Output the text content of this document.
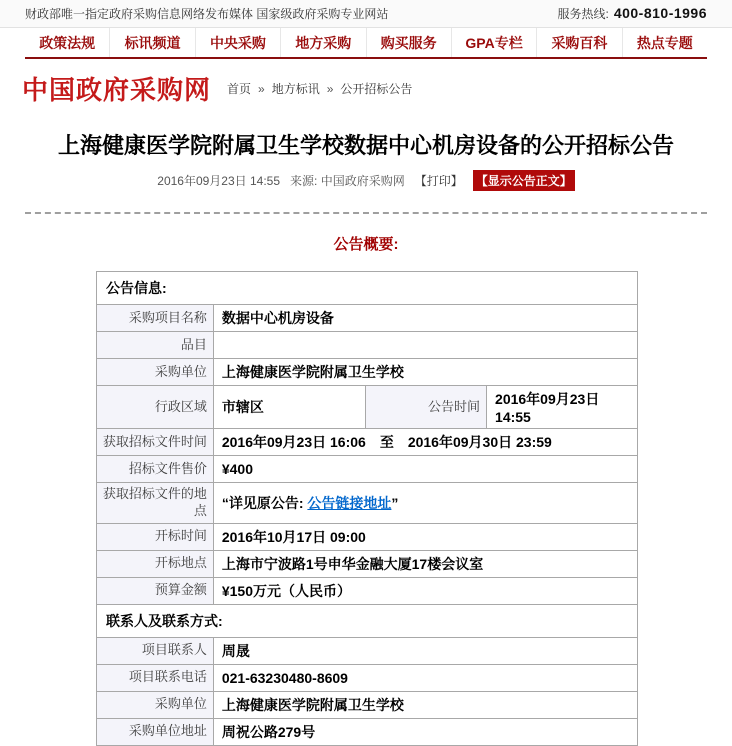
财政部唯一指定政府采购信息网络发布媒体 国家级政府采购专业网站	服务热线: 400-810-1996
政策法规	标讯频道	中央采购	地方采购	购买服务	GPA专栏	采购百科	热点专题
中国政府采购网 首页 » 地方标讯 » 公开招标公告
上海健康医学院附属卫生学校数据中心机房设备的公开招标公告
2016年09月23日 14:55 来源: 中国政府采购网 【打印】 【显示公告正文】
公告概要:
公告信息:			
采购项目名称	数据中心机房设备		
品目			
采购单位	上海健康医学院附属卫生学校		
行政区域	市辖区	公告时间	2016年09月23日 14:55
获取招标文件时间	2016年09月23日 16:06　至　2016年09月30日 23:59		
招标文件售价	¥400		
获取招标文件的地点	“详见原公告: 公告链接地址”		
开标时间	2016年10月17日 09:00		
开标地点	上海市宁波路1号申华金融大厦17楼会议室		
预算金额	¥150万元（人民币）		
联系人及联系方式:			
项目联系人	周晟		
项目联系电话	021-63230480-8609		
采购单位	上海健康医学院附属卫生学校		
采购单位地址	周祝公路279号		
